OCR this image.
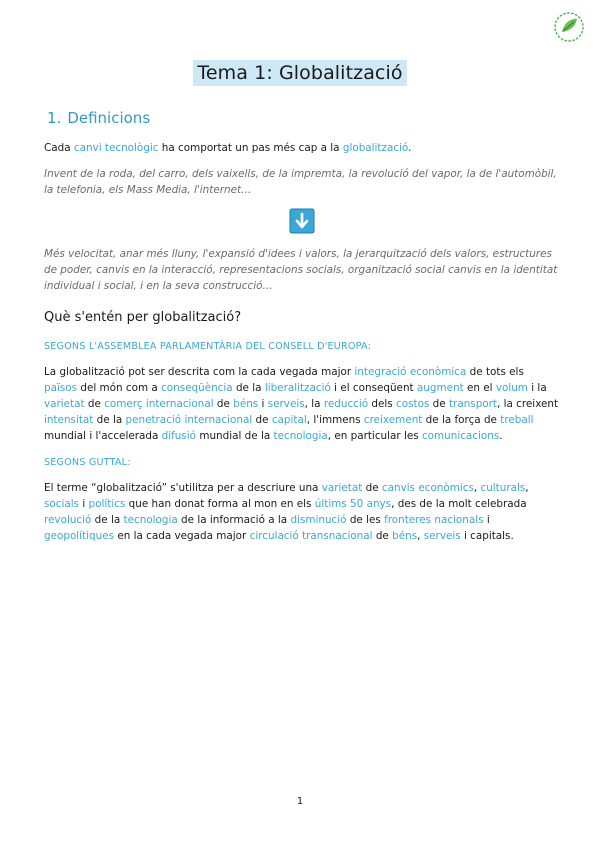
Tema 1: Globalització
1. Definicions
Cada canvi tecnològic ha comportat un pas més cap a la globalització.
Invent de la roda, del carro, dels vaixells, de la impremta, la revolució del vapor, la de l'automòbil, la telefonia, els Mass Media, l'internet…
Més velocitat, anar més lluny, l'expansió d'idees i valors, la jerarquització dels valors, estructures de poder, canvis en la interacció, representacions socials, organització social canvis en la identitat individual i social, i en la seva construcció…
Què s'entén per globalització?
SEGONS L'ASSEMBLEA PARLAMENTÀRIA DEL CONSELL D'EUROPA:
La globalització pot ser descrita com la cada vegada major integració econòmica de tots els països del món com a conseqüència de la liberalització i el conseqüent augment en el volum i la varietat de comerç internacional de béns i serveis, la reducció dels costos de transport, la creixent intensitat de la penetració internacional de capital, l'immens creixement de la força de treball mundial i l'accelerada difusió mundial de la tecnologia, en particular les comunicacions.
SEGONS GUTTAL:
El terme “globalització” s'utilitza per a descriure una varietat de canvis econòmics, culturals, socials i polítics que han donat forma al mon en els últims 50 anys, des de la molt celebrada revolució de la tecnologia de la informació a la disminució de les fronteres nacionals i geopolítiques en la cada vegada major circulació transnacional de béns, serveis i capitals.
1
